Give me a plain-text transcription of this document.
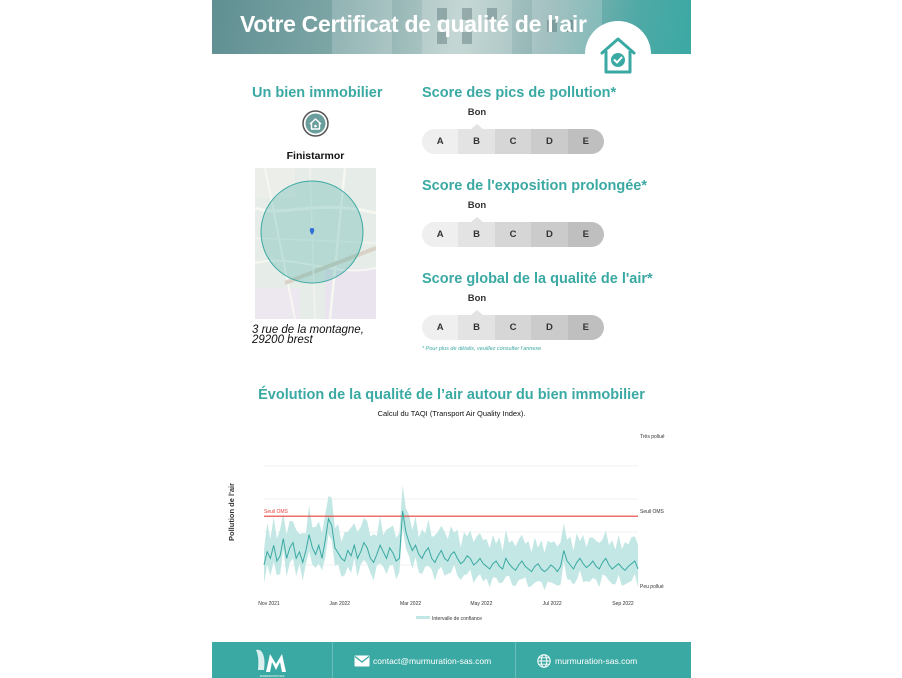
Votre Certificat de qualité de l’air
Un bien immobilier
Finistarmor
3 rue de la montagne, 29200 brest
Score des pics de pollution*
Bon
A	B	C	D	E
Score de l'exposition prolongée*
Bon
A	B	C	D	E
Score global de la qualité de l'air*
Bon
A	B	C	D	E
* Pour plus de détails, veuillez consulter l’annexe
Évolution de la qualité de l’air autour du bien immobilier
Calcul du TAQI (Transport Air Quality Index).
Nov 2021	Jan 2022	Mar 2022	May 2022	Jul 2022	Sep 2022
Très pollué
Seuil OMS
Peu pollué
Seuil OMS
Pollution de l'air
Intervalle de confiance
MURMURATION SAS
contact@murmuration-sas.com	murmuration-sas.com
